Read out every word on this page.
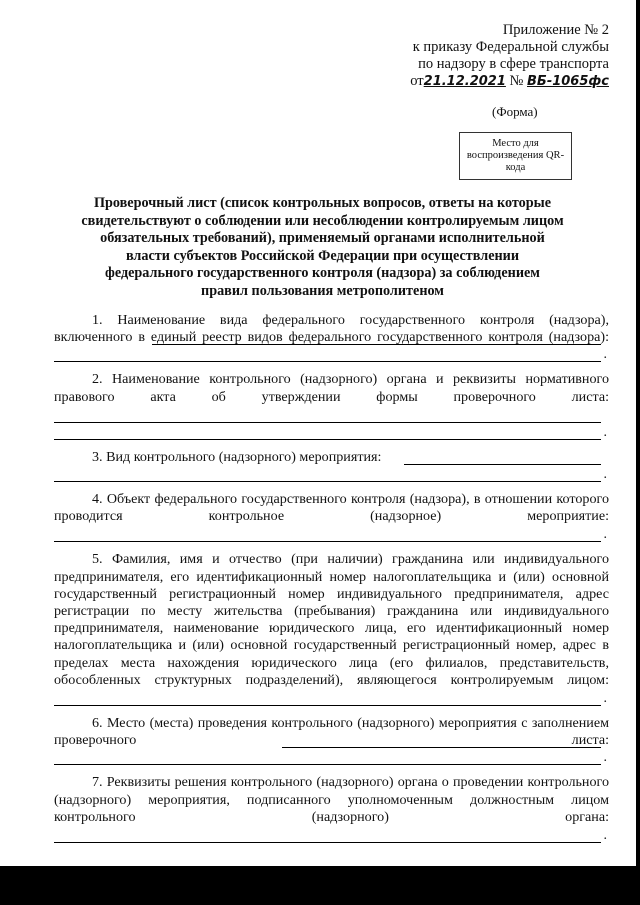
Приложение № 2
к приказу Федеральной службы
по надзору в сфере транспорта
от21.12.2021 № ВБ-1065фс
(Форма)
Место для воспроизведения QR-кода
Проверочный лист (список контрольных вопросов, ответы на которые свидетельствуют о соблюдении или несоблюдении контролируемым лицом обязательных требований), применяемый органами исполнительной власти субъектов Российской Федерации при осуществлении федерального государственного контроля (надзора) за соблюдением правил пользования метрополитеном

1. Наименование вида федерального государственного контроля (надзора), включенного в единый реестр видов федерального государственного контроля (надзора):

.

2. Наименование контрольного (надзорного) органа и реквизиты нормативного правового акта об утверждении формы проверочного листа:

.

3. Вид контрольного (надзорного) мероприятия:

.

4. Объект федерального государственного контроля (надзора), в отношении которого проводится контрольное (надзорное) мероприятие:

.

5. Фамилия, имя и отчество (при наличии) гражданина или индивидуального предпринимателя, его идентификационный номер налогоплательщика и (или) основной государственный регистрационный номер индивидуального предпринимателя, адрес регистрации по месту жительства (пребывания) гражданина или индивидуального предпринимателя, наименование юридического лица, его идентификационный номер налогоплательщика и (или) основной государственный регистрационный номер, адрес в пределах места нахождения юридического лица (его филиалов, представительств, обособленных структурных подразделений), являющегося контролируемым лицом:

.

6. Место (места) проведения контрольного (надзорного) мероприятия с заполнением проверочного листа:

.

7. Реквизиты решения контрольного (надзорного) органа о проведении контрольного (надзорного) мероприятия, подписанного уполномоченным должностным лицом контрольного (надзорного) органа:

.
